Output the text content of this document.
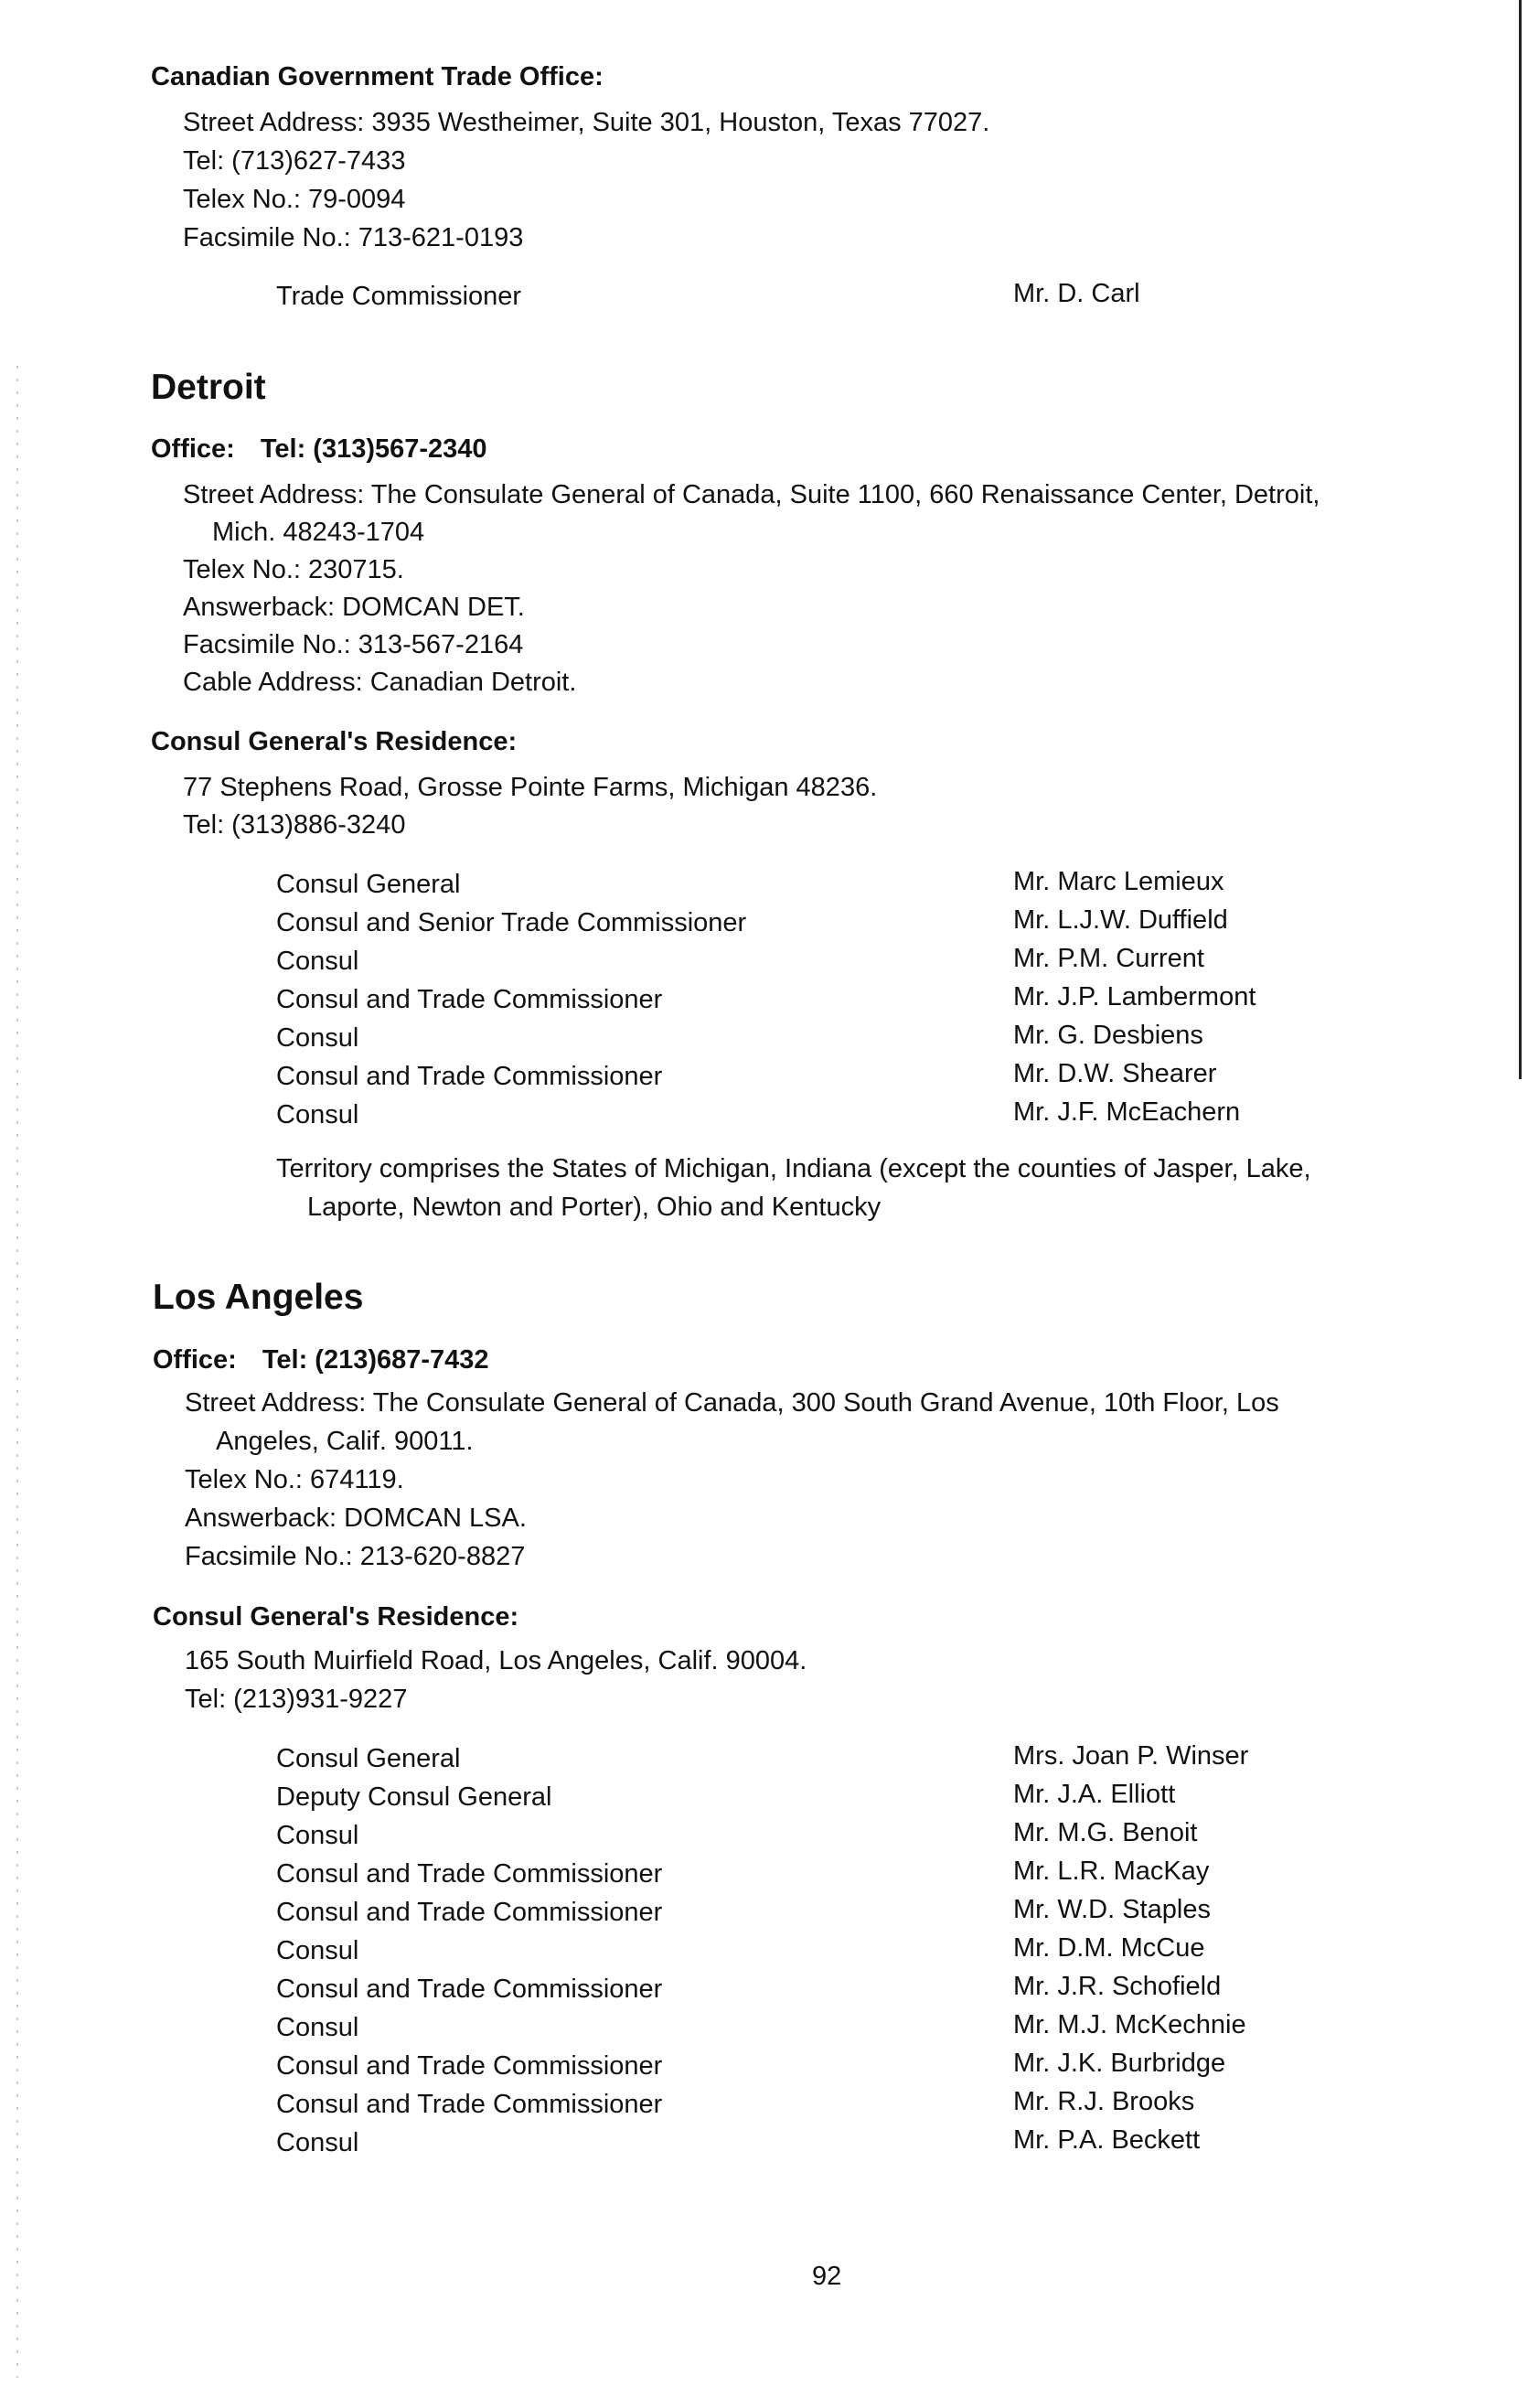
Canadian Government Trade Office:
Street Address: 3935 Westheimer, Suite 301, Houston, Texas 77027.
Tel: (713)627-7433
Telex No.: 79-0094
Facsimile No.: 713-621-0193
Trade Commissioner	Mr. D. Carl
Detroit
Office: Tel: (313)567-2340
Street Address: The Consulate General of Canada, Suite 1100, 660 Renaissance Center, Detroit,
Mich. 48243-1704
Telex No.: 230715.
Answerback: DOMCAN DET.
Facsimile No.: 313-567-2164
Cable Address: Canadian Detroit.
Consul General's Residence:
77 Stephens Road, Grosse Pointe Farms, Michigan 48236.
Tel: (313)886-3240
Consul General	Mr. Marc Lemieux
Consul and Senior Trade Commissioner	Mr. L.J.W. Duffield
Consul	Mr. P.M. Current
Consul and Trade Commissioner	Mr. J.P. Lambermont
Consul	Mr. G. Desbiens
Consul and Trade Commissioner	Mr. D.W. Shearer
Consul	Mr. J.F. McEachern
Territory comprises the States of Michigan, Indiana (except the counties of Jasper, Lake,
Laporte, Newton and Porter), Ohio and Kentucky
Los Angeles
Office: Tel: (213)687-7432
Street Address: The Consulate General of Canada, 300 South Grand Avenue, 10th Floor, Los
Angeles, Calif. 90011.
Telex No.: 674119.
Answerback: DOMCAN LSA.
Facsimile No.: 213-620-8827
Consul General's Residence:
165 South Muirfield Road, Los Angeles, Calif. 90004.
Tel: (213)931-9227
Consul General	Mrs. Joan P. Winser
Deputy Consul General	Mr. J.A. Elliott
Consul	Mr. M.G. Benoit
Consul and Trade Commissioner	Mr. L.R. MacKay
Consul and Trade Commissioner	Mr. W.D. Staples
Consul	Mr. D.M. McCue
Consul and Trade Commissioner	Mr. J.R. Schofield
Consul	Mr. M.J. McKechnie
Consul and Trade Commissioner	Mr. J.K. Burbridge
Consul and Trade Commissioner	Mr. R.J. Brooks
Consul	Mr. P.A. Beckett
92
